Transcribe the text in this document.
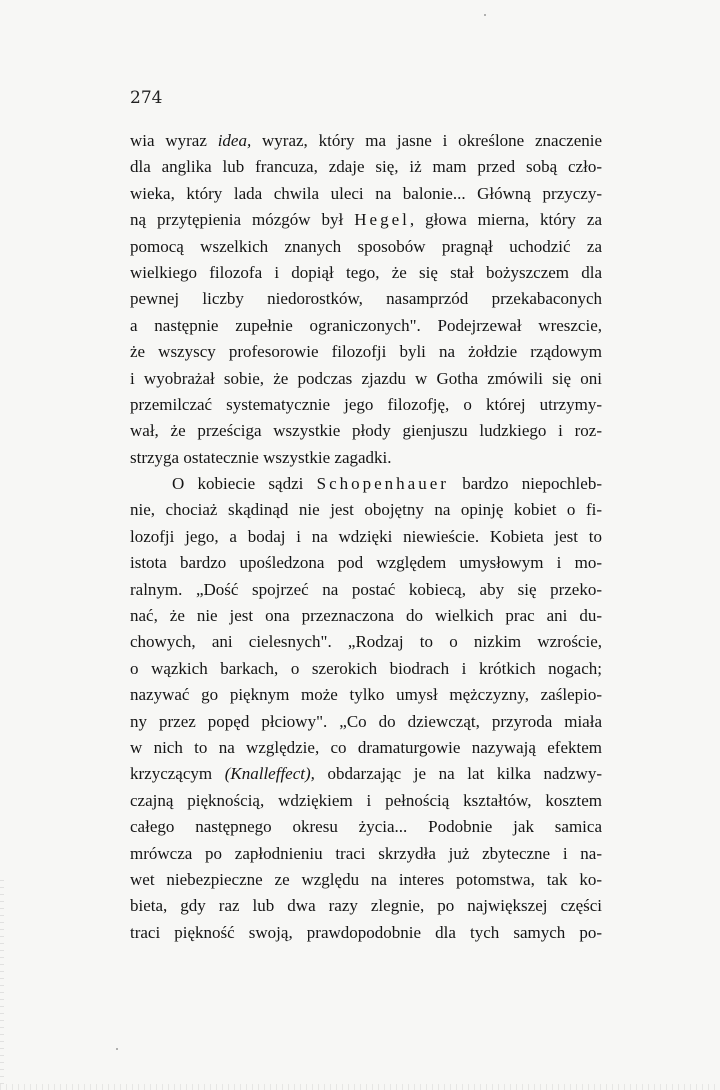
274
wia wyraz idea, wyraz, który ma jasne i określone znaczenie
dla anglika lub francuza, zdaje się, iż mam przed sobą czło-
wieka, który lada chwila uleci na balonie... Główną przyczy-
ną przytępienia mózgów był Hegel, głowa mierna, który za
pomocą wszelkich znanych sposobów pragnął uchodzić za
wielkiego filozofa i dopiął tego, że się stał bożyszczem dla
pewnej liczby niedorostków, nasamprzód przekabaconych
a następnie zupełnie ograniczonych". Podejrzewał wreszcie,
że wszyscy profesorowie filozofji byli na żołdzie rządowym
i wyobrażał sobie, że podczas zjazdu w Gotha zmówili się oni
przemilczać systematycznie jego filozofję, o której utrzymy-
wał, że prześciga wszystkie płody gienjuszu ludzkiego i roz-
strzyga ostatecznie wszystkie zagadki.
O kobiecie sądzi Schopenhauer bardzo niepochleb-
nie, chociaż skądinąd nie jest obojętny na opinję kobiet o fi-
lozofji jego, a bodaj i na wdzięki niewieście. Kobieta jest to
istota bardzo upośledzona pod względem umysłowym i mo-
ralnym. „Dość spojrzeć na postać kobiecą, aby się przeko-
nać, że nie jest ona przeznaczona do wielkich prac ani du-
chowych, ani cielesnych". „Rodzaj to o nizkim wzroście,
o wązkich barkach, o szerokich biodrach i krótkich nogach;
nazywać go pięknym może tylko umysł mężczyzny, zaślepio-
ny przez popęd płciowy". „Co do dziewcząt, przyroda miała
w nich to na względzie, co dramaturgowie nazywają efektem
krzyczącym (Knalleffect), obdarzając je na lat kilka nadzwy-
czajną pięknością, wdziękiem i pełnością kształtów, kosztem
całego następnego okresu życia... Podobnie jak samica
mrówcza po zapłodnieniu traci skrzydła już zbyteczne i na-
wet niebezpieczne ze względu na interes potomstwa, tak ko-
bieta, gdy raz lub dwa razy zlegnie, po największej części
traci piękność swoją, prawdopodobnie dla tych samych po-
